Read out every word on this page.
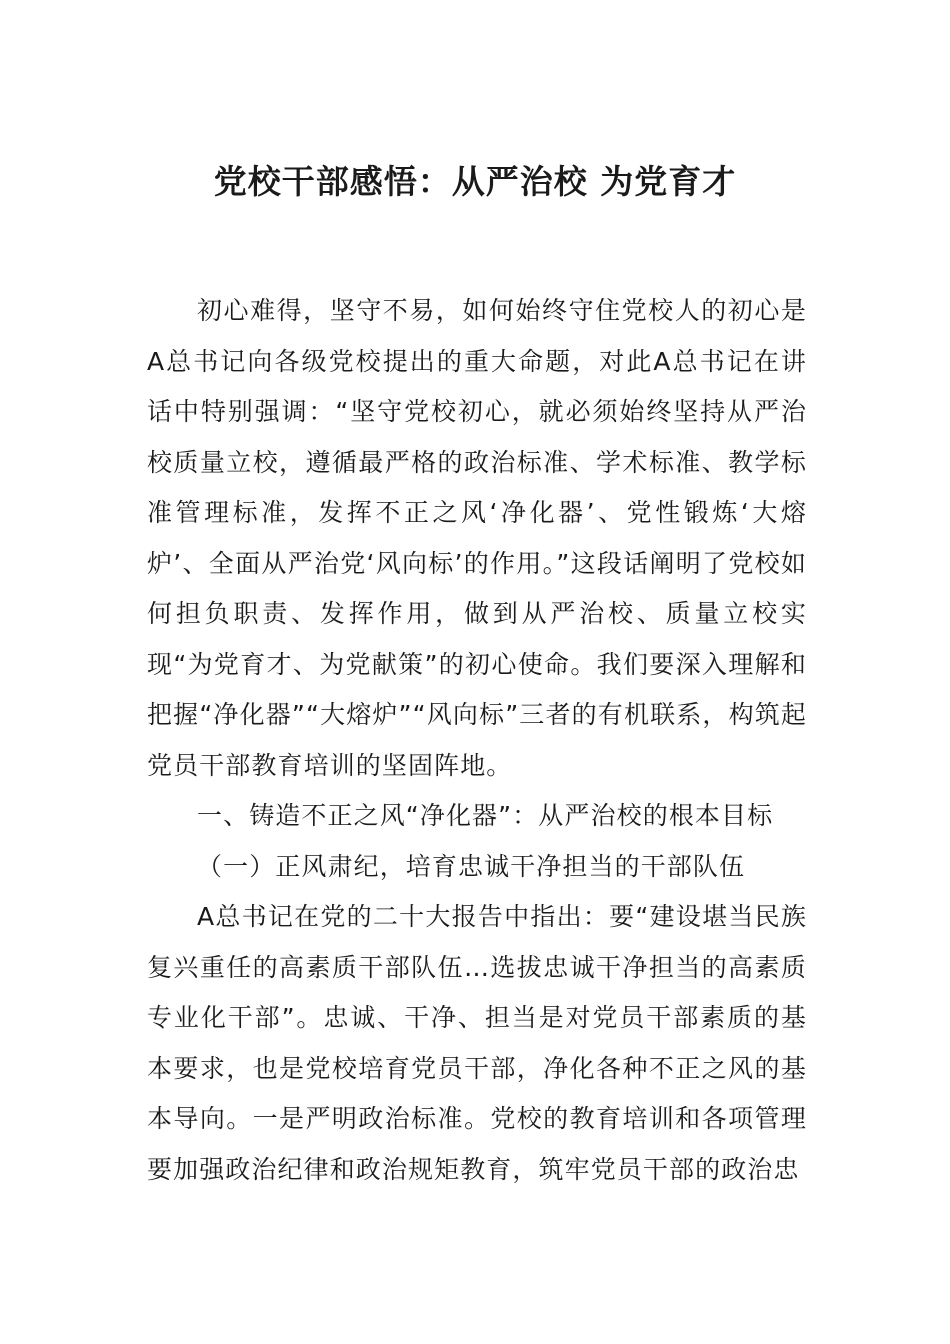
党校干部感悟：从严治校 为党育才

初心难得，坚守不易，如何始终守住党校人的初心是A总书记向各级党校提出的重大命题，对此A总书记在讲话中特别强调：“坚守党校初心，就必须始终坚持从严治校质量立校，遵循最严格的政治标准、学术标准、教学标准管理标准，发挥不正之风‘净化器’、党性锻炼‘大熔炉’、全面从严治党‘风向标’的作用。”这段话阐明了党校如何担负职责、发挥作用，做到从严治校、质量立校实现“为党育才、为党献策”的初心使命。我们要深入理解和把握“净化器”“大熔炉”“风向标”三者的有机联系，构筑起党员干部教育培训的坚固阵地。

一、铸造不正之风“净化器”：从严治校的根本目标

（一）正风肃纪，培育忠诚干净担当的干部队伍

A总书记在党的二十大报告中指出：要“建设堪当民族复兴重任的高素质干部队伍…选拔忠诚干净担当的高素质专业化干部”。忠诚、干净、担当是对党员干部素质的基本要求，也是党校培育党员干部，净化各种不正之风的基本导向。一是严明政治标准。党校的教育培训和各项管理要加强政治纪律和政治规矩教育，筑牢党员干部的政治忠
